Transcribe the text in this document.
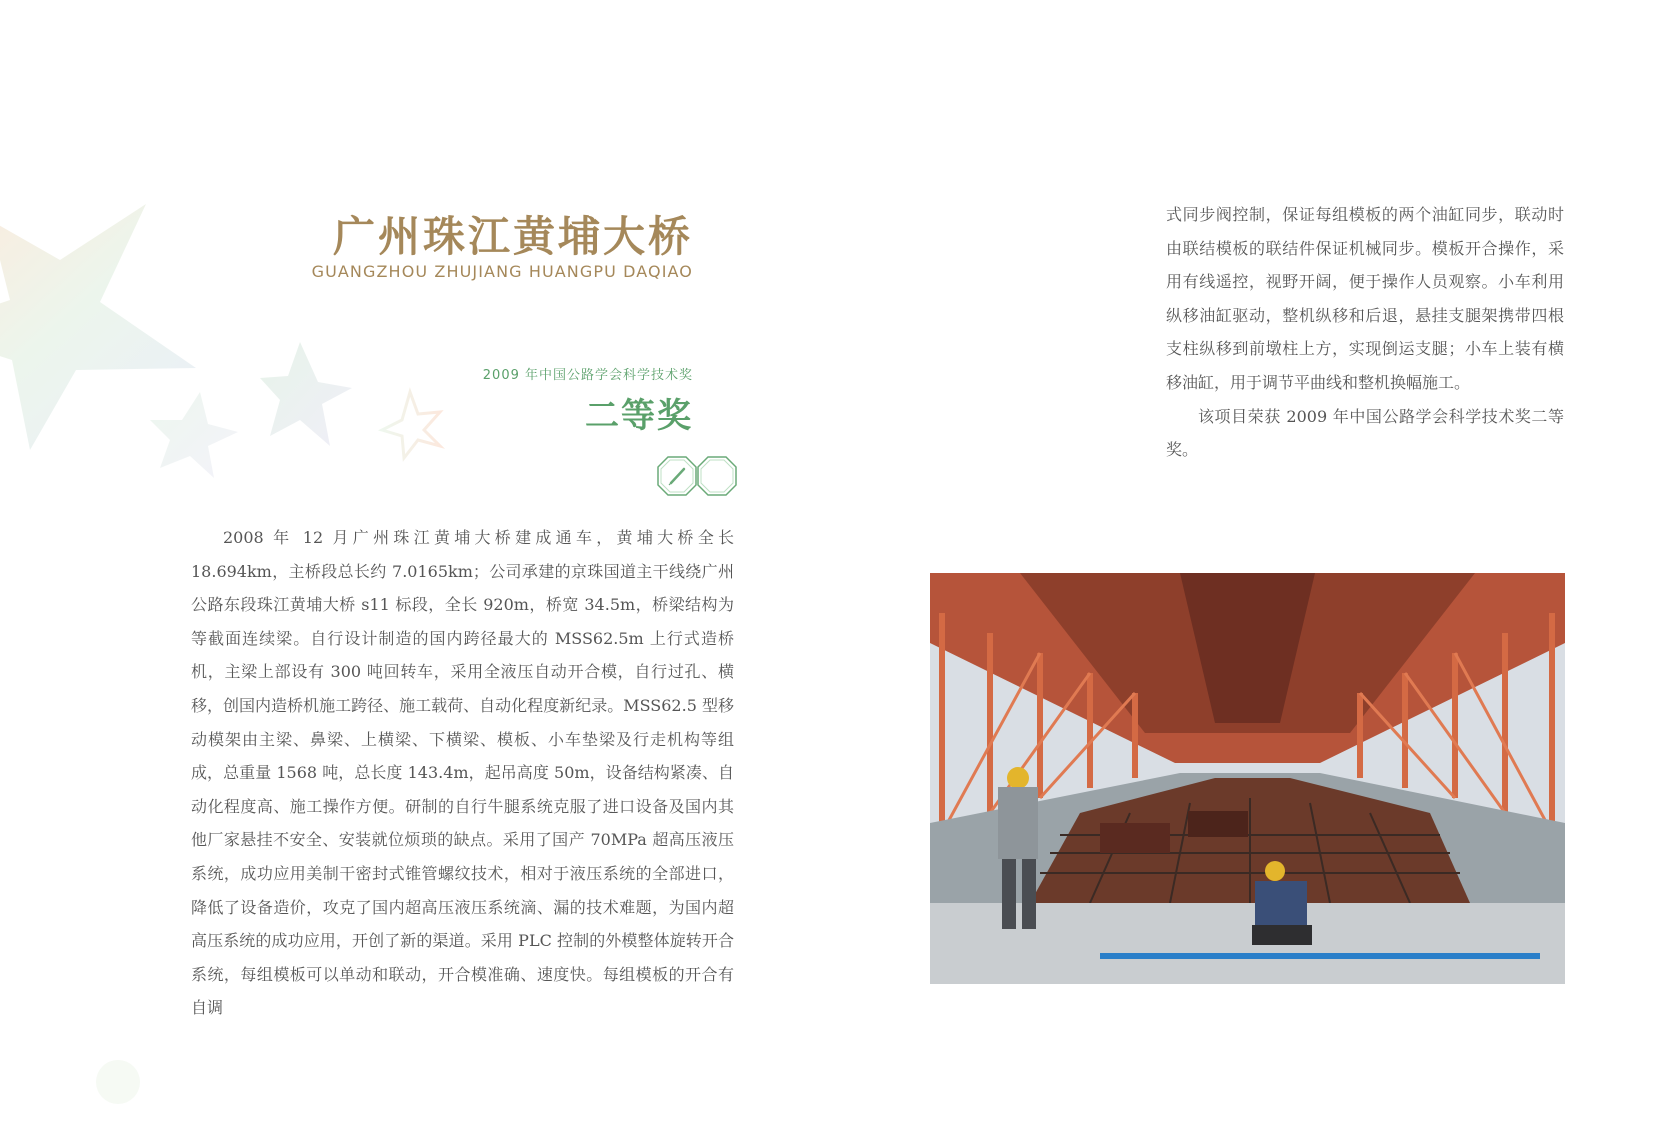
广州珠江黄埔大桥
GUANGZHOU ZHUJIANG HUANGPU DAQIAO
2009 年中国公路学会科学技术奖
二等奖

2008 年 12 月广州珠江黄埔大桥建成通车，黄埔大桥全长 18.694km，主桥段总长约 7.0165km；公司承建的京珠国道主干线绕广州公路东段珠江黄埔大桥 s11 标段，全长 920m，桥宽 34.5m，桥梁结构为等截面连续梁。自行设计制造的国内跨径最大的 MSS62.5m 上行式造桥机，主梁上部设有 300 吨回转车，采用全液压自动开合模，自行过孔、横移，创国内造桥机施工跨径、施工载荷、自动化程度新纪录。MSS62.5 型移动模架由主梁、鼻梁、上横梁、下横梁、模板、小车垫梁及行走机构等组成，总重量 1568 吨，总长度 143.4m，起吊高度 50m，设备结构紧凑、自动化程度高、施工操作方便。研制的自行牛腿系统克服了进口设备及国内其他厂家悬挂不安全、安装就位烦琐的缺点。采用了国产 70MPa 超高压液压系统，成功应用美制干密封式锥管螺纹技术，相对于液压系统的全部进口，降低了设备造价，攻克了国内超高压液压系统滴、漏的技术难题，为国内超高压系统的成功应用，开创了新的渠道。采用 PLC 控制的外模整体旋转开合系统，每组模板可以单动和联动，开合模准确、速度快。每组模板的开合有自调

式同步阀控制，保证每组模板的两个油缸同步，联动时由联结模板的联结件保证机械同步。模板开合操作，采用有线遥控，视野开阔，便于操作人员观察。小车利用纵移油缸驱动，整机纵移和后退，悬挂支腿架携带四根支柱纵移到前墩柱上方，实现倒运支腿；小车上装有横移油缸，用于调节平曲线和整机换幅施工。

该项目荣获 2009 年中国公路学会科学技术奖二等奖。
